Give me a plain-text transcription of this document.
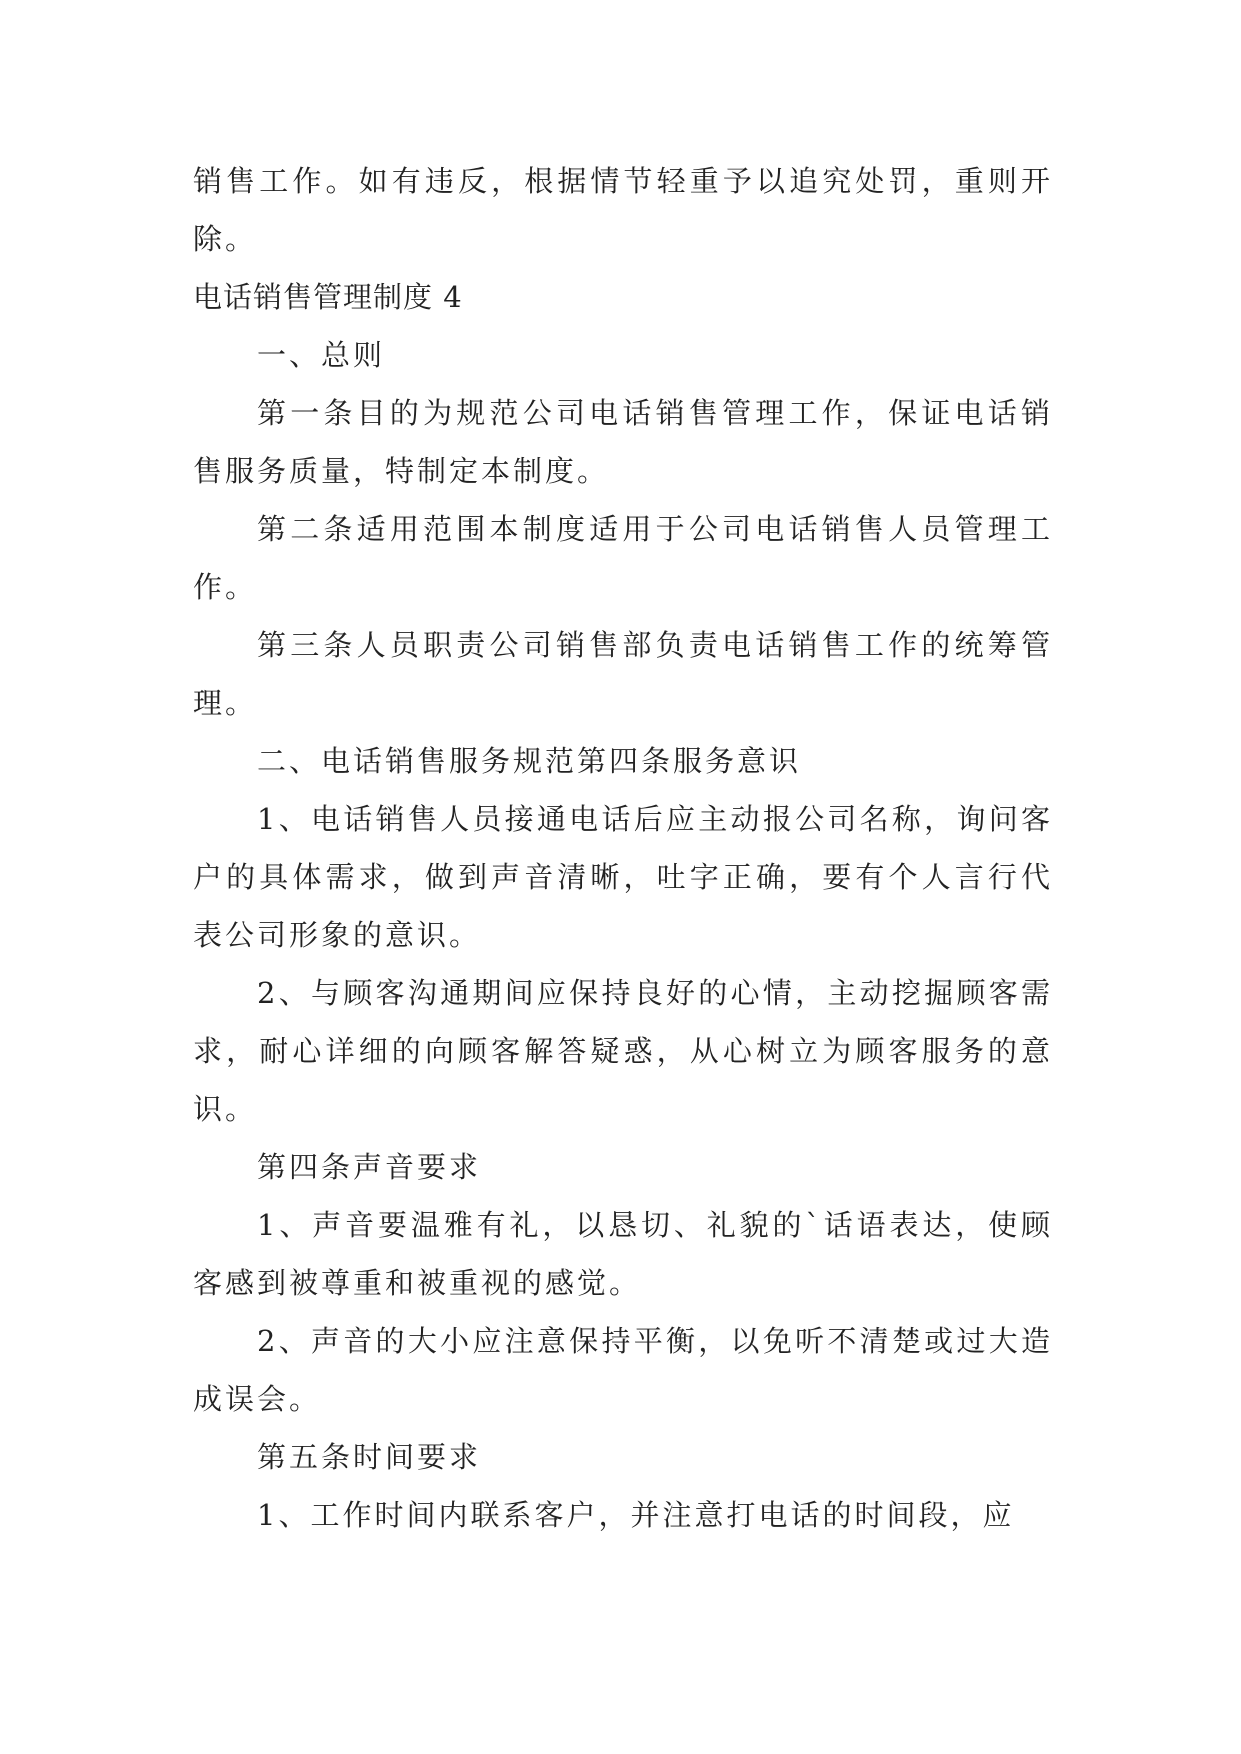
销售工作。如有违反，根据情节轻重予以追究处罚，重则开除。

电话销售管理制度 4

一、总则

第一条目的为规范公司电话销售管理工作，保证电话销售服务质量，特制定本制度。

第二条适用范围本制度适用于公司电话销售人员管理工作。

第三条人员职责公司销售部负责电话销售工作的统筹管理。

二、电话销售服务规范第四条服务意识

1、电话销售人员接通电话后应主动报公司名称，询问客户的具体需求，做到声音清晰，吐字正确，要有个人言行代表公司形象的意识。

2、与顾客沟通期间应保持良好的心情，主动挖掘顾客需求，耐心详细的向顾客解答疑惑，从心树立为顾客服务的意识。

第四条声音要求

1、声音要温雅有礼，以恳切、礼貌的`话语表达，使顾客感到被尊重和被重视的感觉。

2、声音的大小应注意保持平衡，以免听不清楚或过大造成误会。

第五条时间要求

1、工作时间内联系客户，并注意打电话的时间段，应
